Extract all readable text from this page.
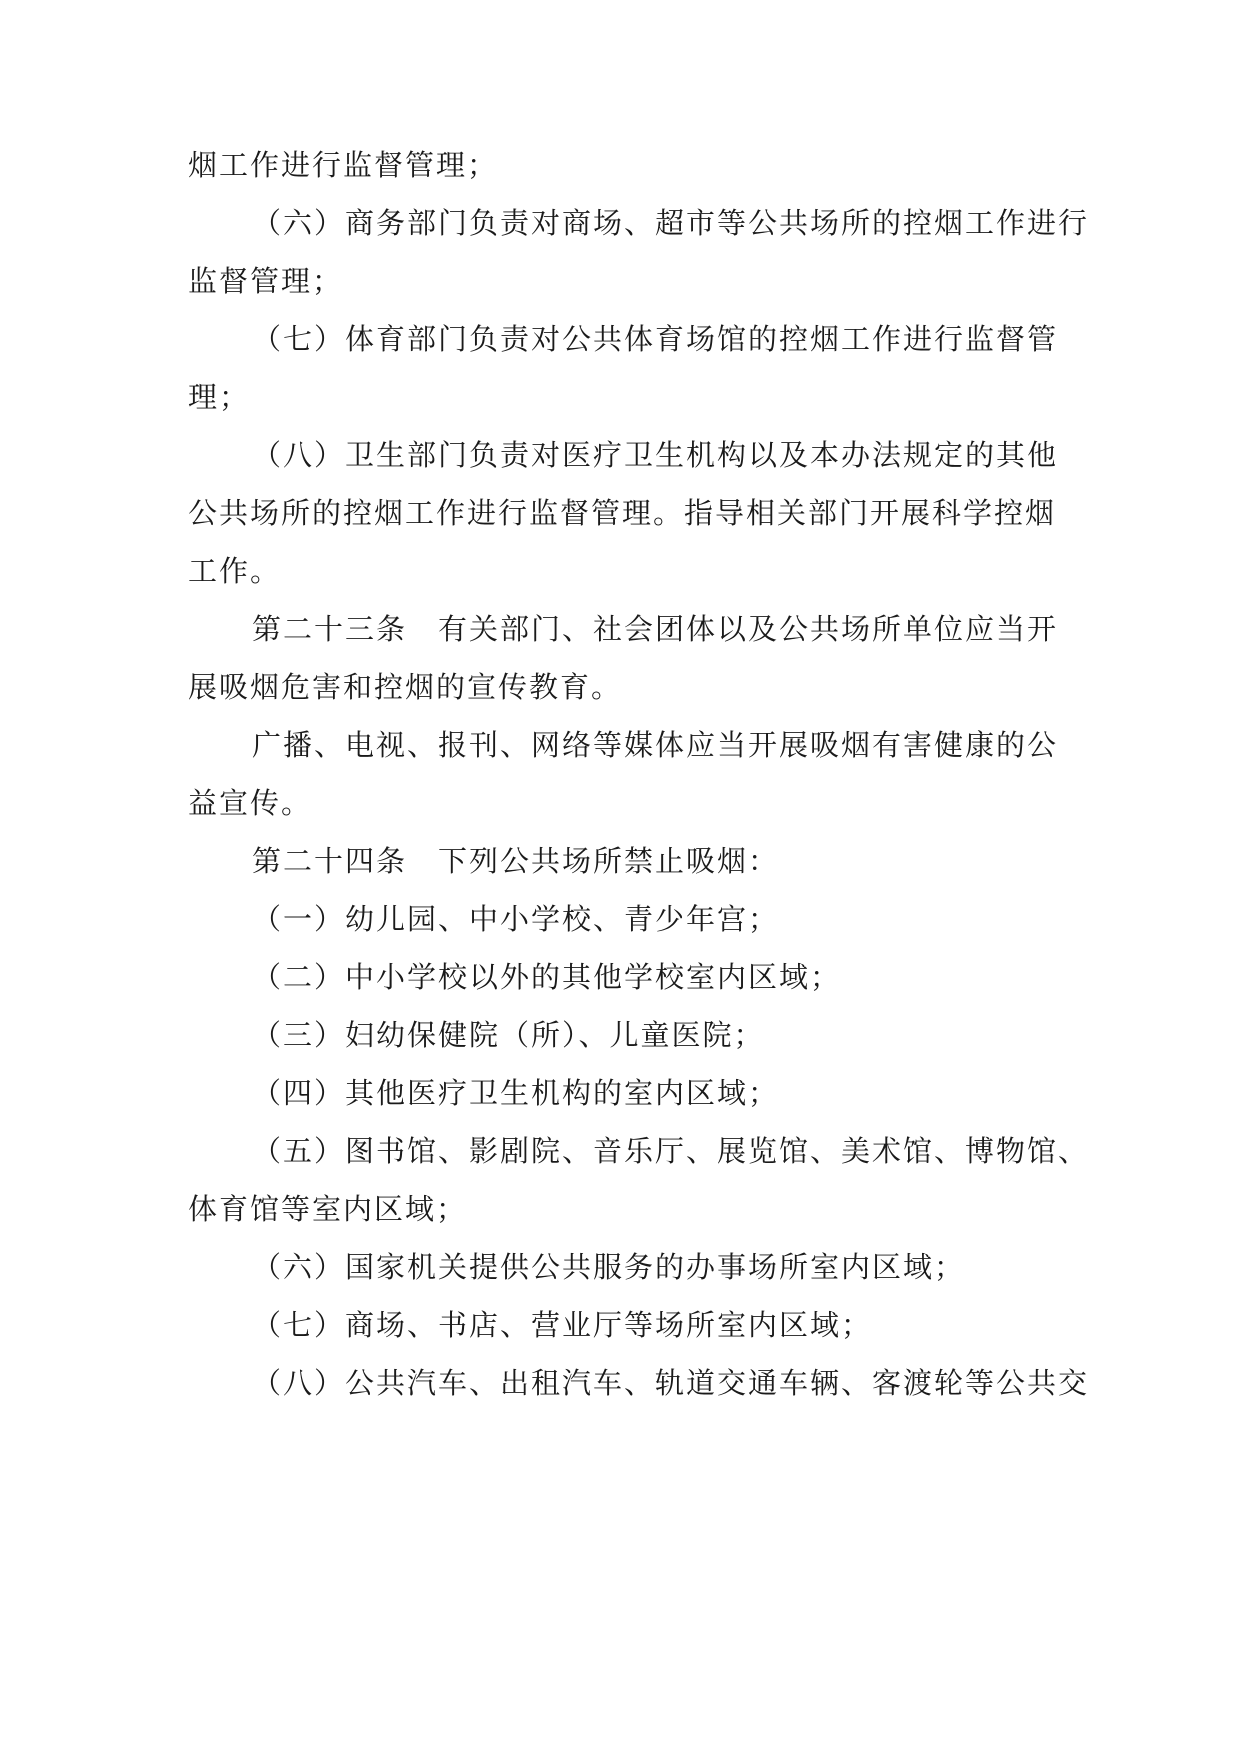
烟工作进行监督管理；
（六）商务部门负责对商场、超市等公共场所的控烟工作进行
监督管理；
（七）体育部门负责对公共体育场馆的控烟工作进行监督管
理；
（八）卫生部门负责对医疗卫生机构以及本办法规定的其他
公共场所的控烟工作进行监督管理。指导相关部门开展科学控烟
工作。
第二十三条　有关部门、社会团体以及公共场所单位应当开
展吸烟危害和控烟的宣传教育。
广播、电视、报刊、网络等媒体应当开展吸烟有害健康的公
益宣传。
第二十四条　下列公共场所禁止吸烟：
（一）幼儿园、中小学校、青少年宫；
（二）中小学校以外的其他学校室内区域；
（三）妇幼保健院（所）、儿童医院；
（四）其他医疗卫生机构的室内区域；
（五）图书馆、影剧院、音乐厅、展览馆、美术馆、博物馆、
体育馆等室内区域；
（六）国家机关提供公共服务的办事场所室内区域；
（七）商场、书店、营业厅等场所室内区域；
（八）公共汽车、出租汽车、轨道交通车辆、客渡轮等公共交
